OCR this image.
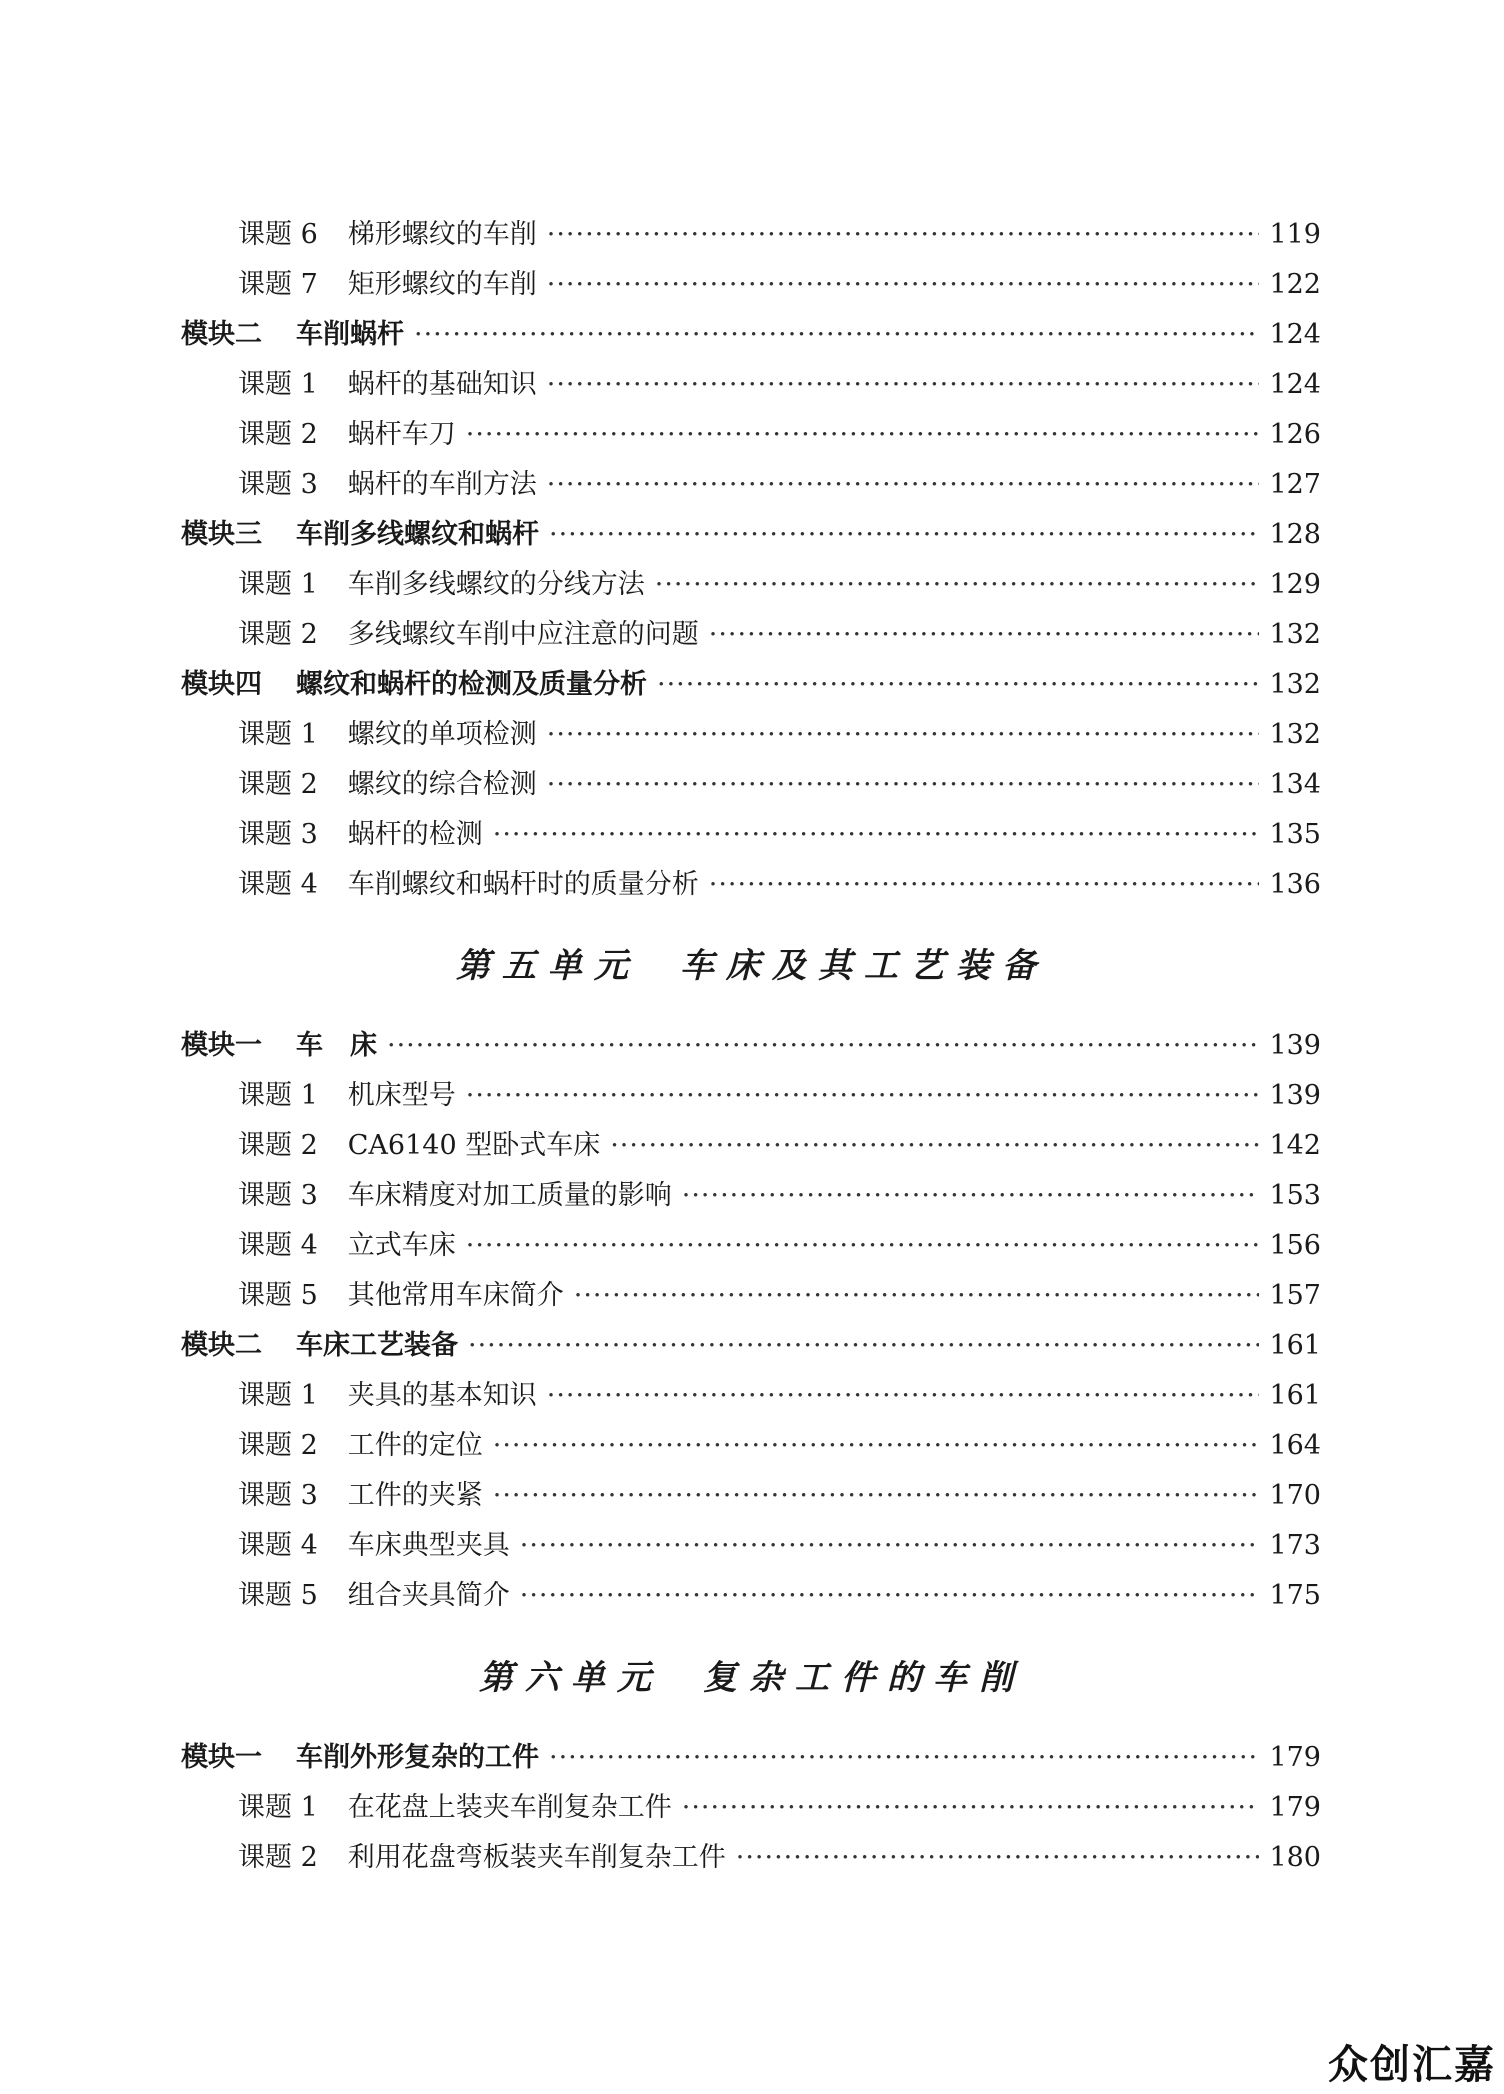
课题 6 梯形螺纹的车削 ·····	119
课题 7 矩形螺纹的车削 ·····	122
模块二 车削蜗杆 ·····	124
课题 1 蜗杆的基础知识 ·····	124
课题 2 蜗杆车刀 ·····	126
课题 3 蜗杆的车削方法 ·····	127
模块三 车削多线螺纹和蜗杆 ·····	128
课题 1 车削多线螺纹的分线方法 ·····	129
课题 2 多线螺纹车削中应注意的问题 ·····	132
模块四 螺纹和蜗杆的检测及质量分析 ·····	132
课题 1 螺纹的单项检测 ·····	132
课题 2 螺纹的综合检测 ·····	134
课题 3 蜗杆的检测 ·····	135
课题 4 车削螺纹和蜗杆时的质量分析 ·····	136
第五单元 车床及其工艺装备
模块一 车　床 ·····	139
课题 1 机床型号 ·····	139
课题 2 CA6140 型卧式车床 ·····	142
课题 3 车床精度对加工质量的影响 ·····	153
课题 4 立式车床 ·····	156
课题 5 其他常用车床简介 ·····	157
模块二 车床工艺装备 ·····	161
课题 1 夹具的基本知识 ·····	161
课题 2 工件的定位 ·····	164
课题 3 工件的夹紧 ·····	170
课题 4 车床典型夹具 ·····	173
课题 5 组合夹具简介 ·····	175
第六单元 复杂工件的车削
模块一 车削外形复杂的工件 ·····	179
课题 1 在花盘上装夹车削复杂工件 ·····	179
课题 2 利用花盘弯板装夹车削复杂工件 ·····	180
众创汇嘉
